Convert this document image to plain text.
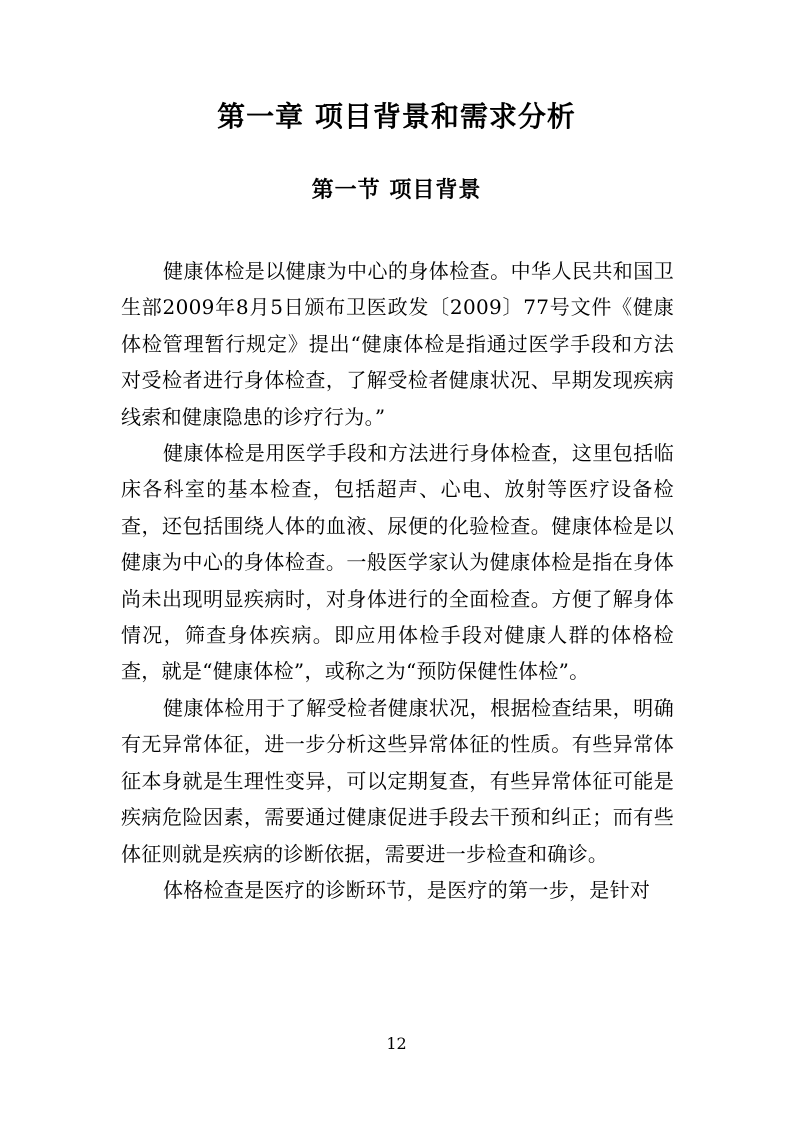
第一章 项目背景和需求分析
第一节 项目背景

健康体检是以健康为中心的身体检查。中华人民共和国卫生部2009年8月5日颁布卫医政发〔2009〕77号文件《健康体检管理暂行规定》提出“健康体检是指通过医学手段和方法对受检者进行身体检查，了解受检者健康状况、早期发现疾病线索和健康隐患的诊疗行为。”

健康体检是用医学手段和方法进行身体检查，这里包括临床各科室的基本检查，包括超声、心电、放射等医疗设备检查，还包括围绕人体的血液、尿便的化验检查。健康体检是以健康为中心的身体检查。一般医学家认为健康体检是指在身体尚未出现明显疾病时，对身体进行的全面检查。方便了解身体情况，筛查身体疾病。即应用体检手段对健康人群的体格检查，就是“健康体检”，或称之为“预防保健性体检”。

健康体检用于了解受检者健康状况，根据检查结果，明确有无异常体征，进一步分析这些异常体征的性质。有些异常体征本身就是生理性变异，可以定期复查，有些异常体征可能是疾病危险因素，需要通过健康促进手段去干预和纠正；而有些体征则就是疾病的诊断依据，需要进一步检查和确诊。

体格检查是医疗的诊断环节，是医疗的第一步，是针对

12
